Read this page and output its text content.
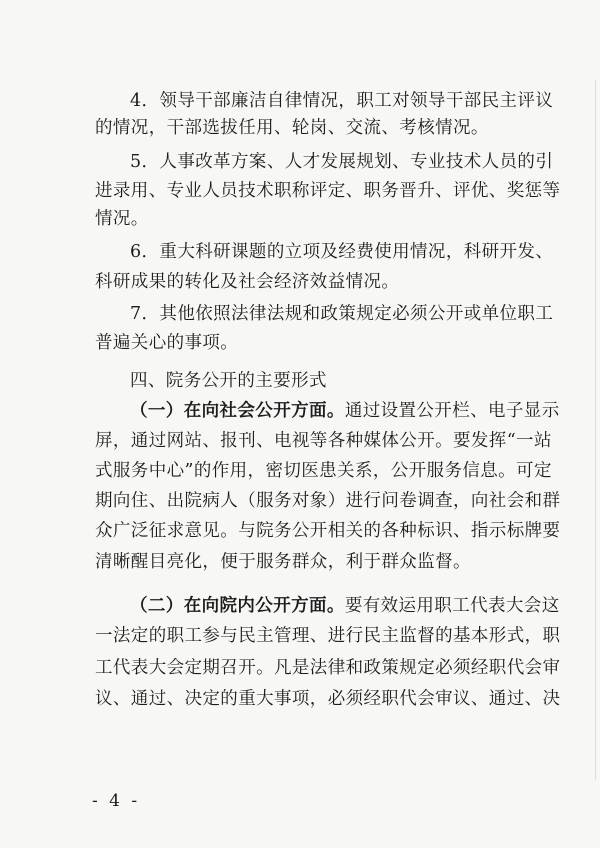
4．领导干部廉洁自律情况，职工对领导干部民主评议
的情况，干部选拔任用、轮岗、交流、考核情况。
5．人事改革方案、人才发展规划、专业技术人员的引
进录用、专业人员技术职称评定、职务晋升、评优、奖惩等
情况。
6．重大科研课题的立项及经费使用情况，科研开发、
科研成果的转化及社会经济效益情况。
7．其他依照法律法规和政策规定必须公开或单位职工
普遍关心的事项。
四、院务公开的主要形式
（一）在向社会公开方面。通过设置公开栏、电子显示
屏，通过网站、报刊、电视等各种媒体公开。要发挥“一站
式服务中心”的作用，密切医患关系，公开服务信息。可定
期向住、出院病人（服务对象）进行问卷调查，向社会和群
众广泛征求意见。与院务公开相关的各种标识、指示标牌要
清晰醒目亮化，便于服务群众，利于群众监督。
（二）在向院内公开方面。要有效运用职工代表大会这
一法定的职工参与民主管理、进行民主监督的基本形式，职
工代表大会定期召开。凡是法律和政策规定必须经职代会审
议、通过、决定的重大事项，必须经职代会审议、通过、决
- 4 -
